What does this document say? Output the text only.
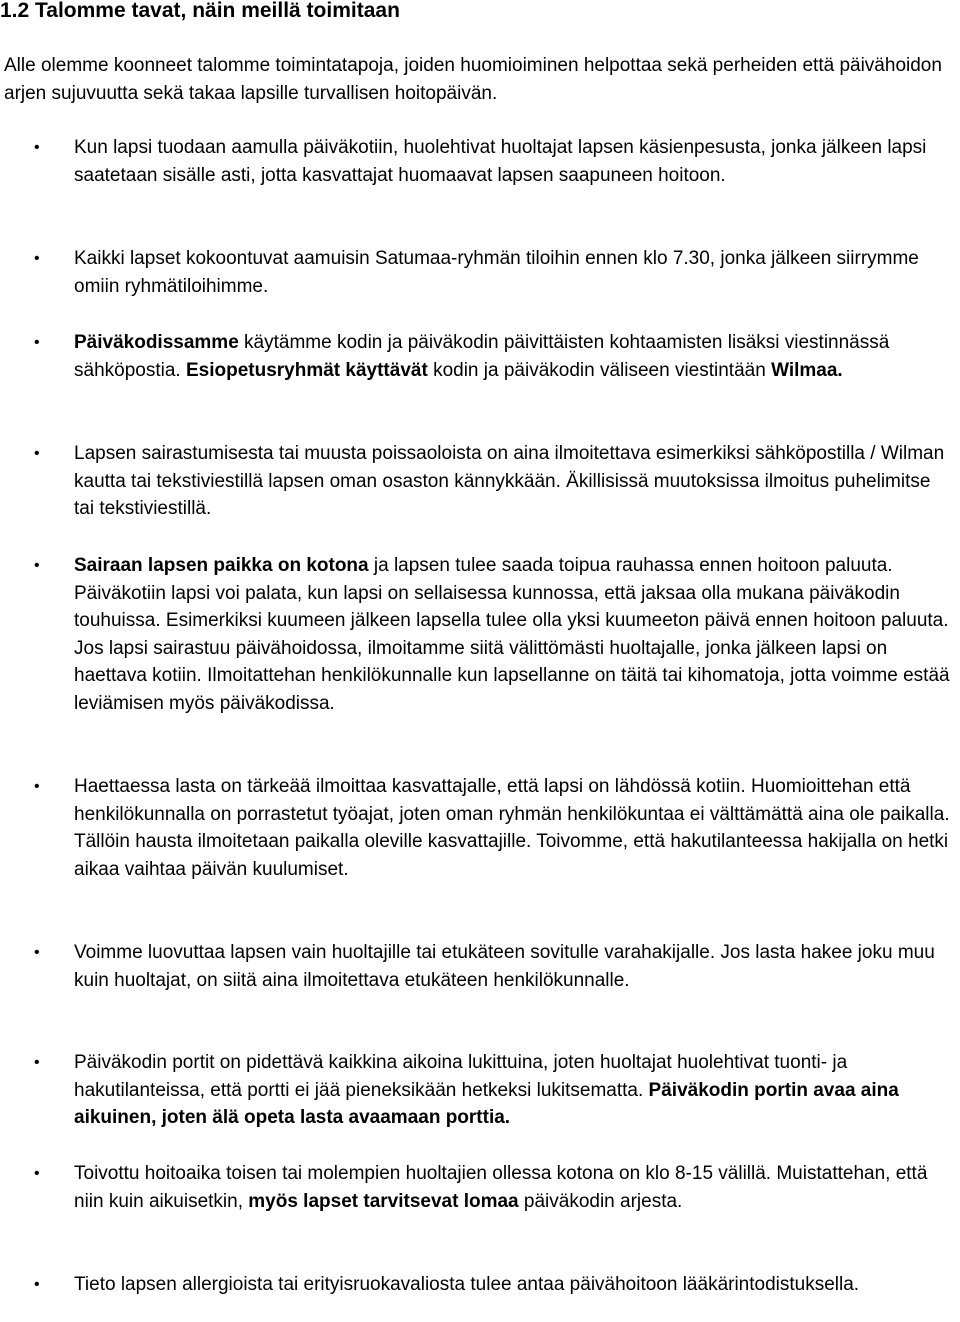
1.2 Talomme tavat, näin meillä toimitaan
Alle olemme koonneet talomme toimintatapoja, joiden huomioiminen helpottaa sekä perheiden että päivähoidon arjen sujuvuutta sekä takaa lapsille turvallisen hoitopäivän.
• Kun lapsi tuodaan aamulla päiväkotiin, huolehtivat huoltajat lapsen käsienpesusta, jonka jälkeen lapsi saatetaan sisälle asti, jotta kasvattajat huomaavat lapsen saapuneen hoitoon.

• Kaikki lapset kokoontuvat aamuisin Satumaa-ryhmän tiloihin ennen klo 7.30, jonka jälkeen siirrymme omiin ryhmätiloihimme.

• Päiväkodissamme

käytämme kodin ja päiväkodin päivittäisten kohtaamisten lisäksi viestinnässä sähköpostia.

Esiopetusryhmät käyttävät

kodin ja päiväkodin väliseen viestintään

Wilmaa.
• Lapsen sairastumisesta tai muusta poissaoloista on aina ilmoitettava esimerkiksi sähköpostilla / Wilman kautta tai tekstiviestillä lapsen oman osaston kännykkään. Äkillisissä muutoksissa ilmoitus puhelimitse tai tekstiviestillä.

• Sairaan lapsen paikka on kotona

ja lapsen tulee saada toipua rauhassa ennen hoitoon paluuta. Päiväkotiin lapsi voi palata, kun lapsi on sellaisessa kunnossa, että jaksaa olla mukana päiväkodin touhuissa. Esimerkiksi kuumeen jälkeen lapsella tulee olla yksi kuumeeton päivä ennen hoitoon paluuta. Jos lapsi sairastuu päivähoidossa, ilmoitamme siitä välittömästi huoltajalle, jonka jälkeen lapsi on haettava kotiin. Ilmoitattehan henkilökunnalle kun lapsellanne on täitä tai kihomatoja, jotta voimme estää leviämisen myös päiväkodissa.

• Haettaessa lasta on tärkeää ilmoittaa kasvattajalle, että lapsi on lähdössä kotiin. Huomioittehan että henkilökunnalla on porrastetut työajat, joten oman ryhmän henkilökuntaa ei välttämättä aina ole paikalla. Tällöin hausta ilmoitetaan paikalla oleville kasvattajille. Toivomme, että hakutilanteessa hakijalla on hetki aikaa vaihtaa päivän kuulumiset.

• Voimme luovuttaa lapsen vain huoltajille tai etukäteen sovitulle varahakijalle. Jos lasta hakee joku muu kuin huoltajat, on siitä aina ilmoitettava etukäteen henkilökunnalle.

• Päiväkodin portit on pidettävä kaikkina aikoina lukittuina, joten huoltajat huolehtivat tuonti- ja hakutilanteissa, että portti ei jää pieneksikään hetkeksi lukitsematta.

Päiväkodin portin avaa aina aikuinen, joten älä opeta lasta avaamaan porttia.
• Toivottu hoitoaika toisen tai molempien huoltajien ollessa kotona on klo 8-15 välillä. Muistattehan, että niin kuin aikuisetkin,

myös lapset tarvitsevat lomaa

päiväkodin arjesta.

• Tieto lapsen allergioista tai erityisruokavaliosta tulee antaa päivähoitoon lääkärintodistuksella.
